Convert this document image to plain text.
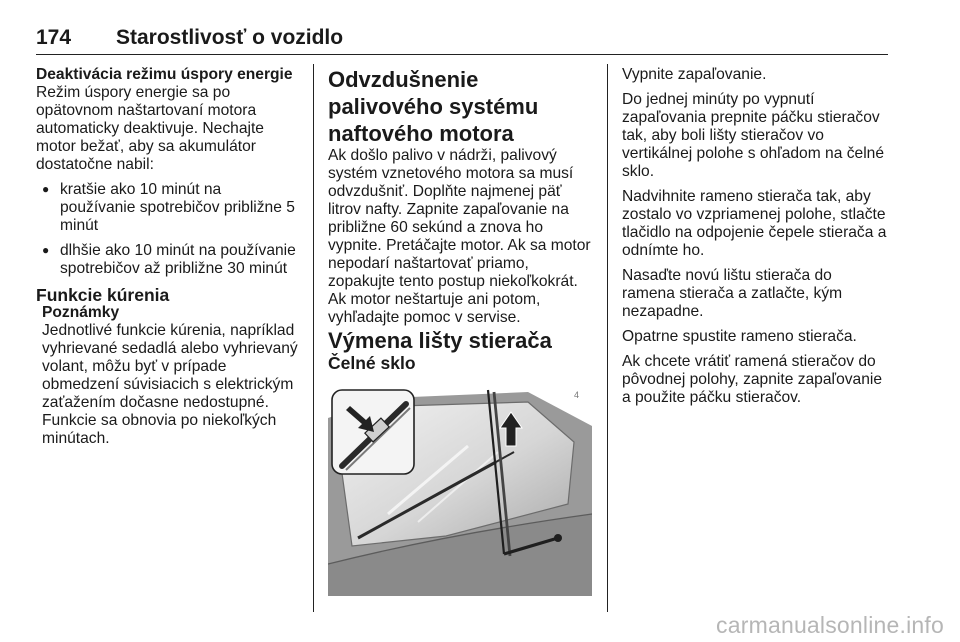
174 Starostlivosť o vozidlo

Deaktivácia režimu úspory energie

Režim úspory energie sa po opätovnom naštartovaní motora automaticky deaktivuje. Nechajte motor bežať, aby sa akumulátor dostatočne nabil:

● kratšie ako 10 minút na používanie spotrebičov približne 5 minút
● dlhšie ako 10 minút na používanie spotrebičov až približne 30 minút

Funkcie kúrenia

Poznámky

Jednotlivé funkcie kúrenia, napríklad vyhrievané sedadlá alebo vyhrievaný volant, môžu byť v prípade obmedzení súvisiacich s elektrickým zaťažením dočasne nedostupné. Funkcie sa obnovia po niekoľkých minútach.

Odvzdušnenie palivového systému naftového motora

Ak došlo palivo v nádrži, palivový systém vznetového motora sa musí odvzdušniť. Doplňte najmenej päť litrov nafty. Zapnite zapaľovanie na približne 60 sekúnd a znova ho vypnite. Pretáčajte motor. Ak sa motor nepodarí naštartovať priamo, zopakujte tento postup niekoľkokrát. Ak motor neštartuje ani potom, vyhľadajte pomoc v servise.

Výmena lišty stierača

Čelné sklo

4

Vypnite zapaľovanie.

Do jednej minúty po vypnutí zapaľovania prepnite páčku stieračov tak, aby boli lišty stieračov vo vertikálnej polohe s ohľadom na čelné sklo.

Nadvihnite rameno stierača tak, aby zostalo vo vzpriamenej polohe, stlačte tlačidlo na odpojenie čepele stierača a odnímte ho.

Nasaďte novú lištu stierača do ramena stierača a zatlačte, kým nezapadne.

Opatrne spustite rameno stierača.

Ak chcete vrátiť ramená stieračov do pôvodnej polohy, zapnite zapaľovanie a použite páčku stieračov.

carmanualsonline.info
